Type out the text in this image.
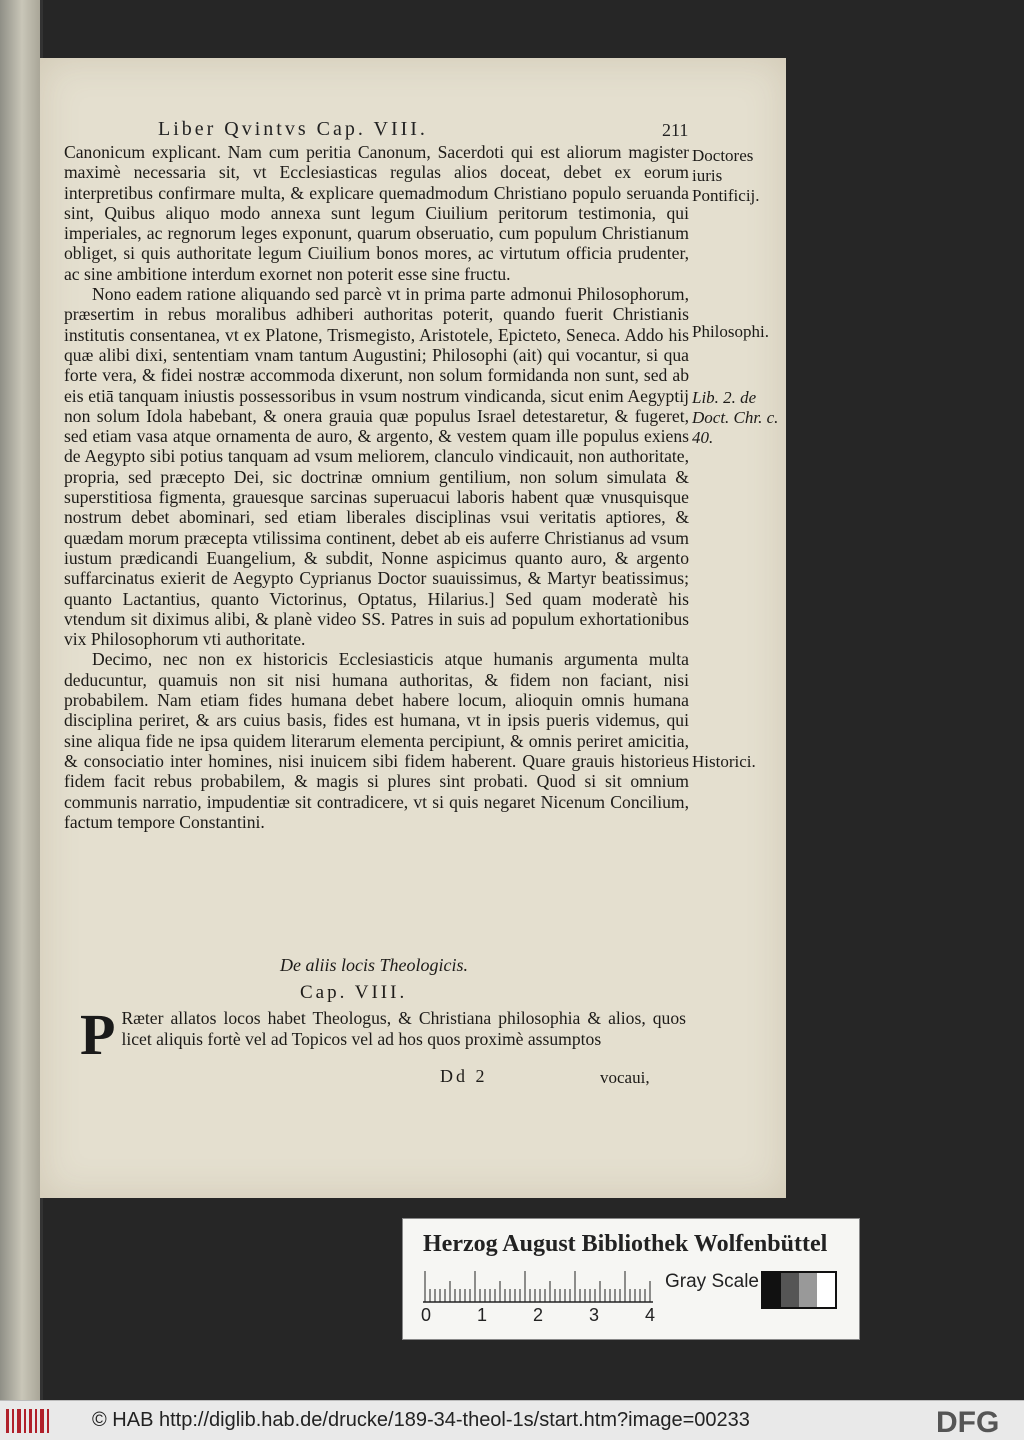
Liber Qvintvs Cap. VIII.	211

Canonicum explicant. Nam cum peritia Canonum, Sacerdoti qui est aliorum magister maximè necessaria sit, vt Ecclesiasticas regulas alios doceat, debet ex eorum interpretibus confirmare multa, & explicare quemadmodum Christiano populo seruanda sint, Quibus aliquo modo annexa sunt legum Ciuilium peritorum testimonia, qui imperiales, ac regnorum leges exponunt, quarum obseruatio, cum populum Christianum obliget, si quis authoritate legum Ciuilium bonos mores, ac virtutum officia prudenter, ac sine ambitione interdum exornet non poterit esse sine fructu.

Nono eadem ratione aliquando sed parcè vt in prima parte admonui Philosophorum, præsertim in rebus moralibus adhiberi authoritas poterit, quando fuerit Christianis institutis consentanea, vt ex Platone, Trismegisto, Aristotele, Epicteto, Seneca. Addo his quæ alibi dixi, sententiam vnam tantum Augustini; Philosophi (ait) qui vocantur, si qua forte vera, & fidei nostræ accommoda dixerunt, non solum formidanda non sunt, sed ab eis etiā tanquam iniustis possessoribus in vsum nostrum vindicanda, sicut enim Aegyptij non solum Idola habebant, & onera grauia quæ populus Israel detestaretur, & fugeret, sed etiam vasa atque ornamenta de auro, & argento, & vestem quam ille populus exiens de Aegypto sibi potius tanquam ad vsum meliorem, clanculo vindicauit, non authoritate, propria, sed præcepto Dei, sic doctrinæ omnium gentilium, non solum simulata & superstitiosa figmenta, grauesque sarcinas superuacui laboris habent quæ vnusquisque nostrum debet abominari, sed etiam liberales disciplinas vsui veritatis aptiores, & quædam morum præcepta vtilissima continent, debet ab eis auferre Christianus ad vsum iustum prædicandi Euangelium, & subdit, Nonne aspicimus quanto auro, & argento suffarcinatus exierit de Aegypto Cyprianus Doctor suauissimus, & Martyr beatissimus; quanto Lactantius, quanto Victorinus, Optatus, Hilarius.] Sed quam moderatè his vtendum sit diximus alibi, & planè video SS. Patres in suis ad populum exhortationibus vix Philosophorum vti authoritate.

Decimo, nec non ex historicis Ecclesiasticis atque humanis argumenta multa deducuntur, quamuis non sit nisi humana authoritas, & fidem non faciant, nisi probabilem. Nam etiam fides humana debet habere locum, alioquin omnis humana disciplina periret, & ars cuius basis, fides est humana, vt in ipsis pueris videmus, qui sine aliqua fide ne ipsa quidem literarum elementa percipiunt, & omnis periret amicitia, & consociatio inter homines, nisi inuicem sibi fidem haberent. Quare grauis historieus fidem facit rebus probabilem, & magis si plures sint probati. Quod si sit omnium communis narratio, impudentiæ sit contradicere, vt si quis negaret Nicenum Concilium, factum tempore Constantini.

Doctores iuris Pontificij.
Philosophi.
Lib. 2. de Doct. Chr. c. 40.
Historici.
De aliis locis Theologicis.
Cap. VIII.
P Ræter allatos locos habet Theologus, & Christiana philosophia & alios, quos licet aliquis fortè vel ad Topicos vel ad hos quos proximè assumptos
Dd 2	vocaui,
Herzog August Bibliothek Wolfenbüttel
0	1	2	3	4
Gray Scale
© HAB http://diglib.hab.de/drucke/189-34-theol-1s/start.htm?image=00233	DFG
